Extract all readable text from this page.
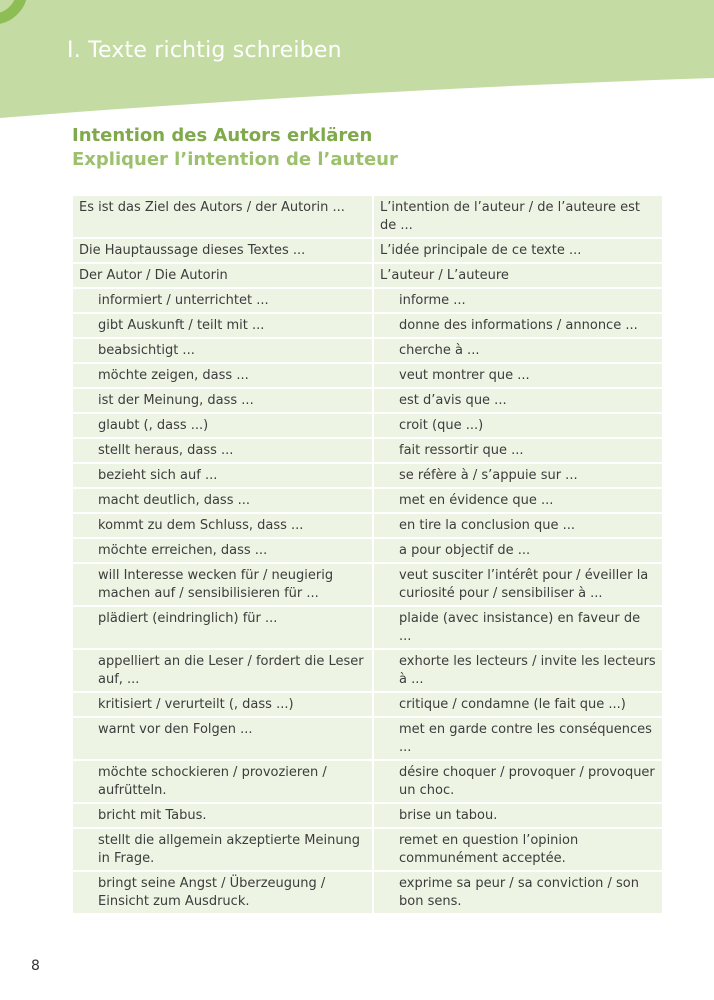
I. Texte richtig schreiben
Intention des Autors erklären
Expliquer l’intention de l’auteur
Es ist das Ziel des Autors / der Autorin ...	L’intention de l’auteur / de l’auteure est de ...
Die Hauptaussage dieses Textes ...	L’idée principale de ce texte ...
Der Autor / Die Autorin	L’auteur / L’auteure
informiert / unterrichtet ...	informe ...
gibt Auskunft / teilt mit ...	donne des informations / annonce ...
beabsichtigt ...	cherche à ...
möchte zeigen, dass ...	veut montrer que ...
ist der Meinung, dass ...	est d’avis que ...
glaubt (, dass ...)	croit (que ...)
stellt heraus, dass ...	fait ressortir que ...
bezieht sich auf ...	se réfère à / s’appuie sur ...
macht deutlich, dass ...	met en évidence que ...
kommt zu dem Schluss, dass ...	en tire la conclusion que ...
möchte erreichen, dass ...	a pour objectif de ...
will Interesse wecken für / neugierig machen auf / sensibilisieren für ...	veut susciter l’intérêt pour / éveiller la curiosité pour / sensibiliser à ...
plädiert (eindringlich) für ...	plaide (avec insistance) en faveur de ...
appelliert an die Leser / fordert die Leser auf, ...	exhorte les lecteurs / invite les lecteurs à ...
kritisiert / verurteilt (, dass ...)	critique / condamne (le fait que ...)
warnt vor den Folgen ...	met en garde contre les conséquences ...
möchte schockieren / provozieren / aufrütteln.	désire choquer / provoquer / provoquer un choc.
bricht mit Tabus.	brise un tabou.
stellt die allgemein akzeptierte Meinung in Frage.	remet en question l’opinion communément acceptée.
bringt seine Angst / Überzeugung / Einsicht zum Ausdruck.	exprime sa peur / sa conviction / son bon sens.
8
